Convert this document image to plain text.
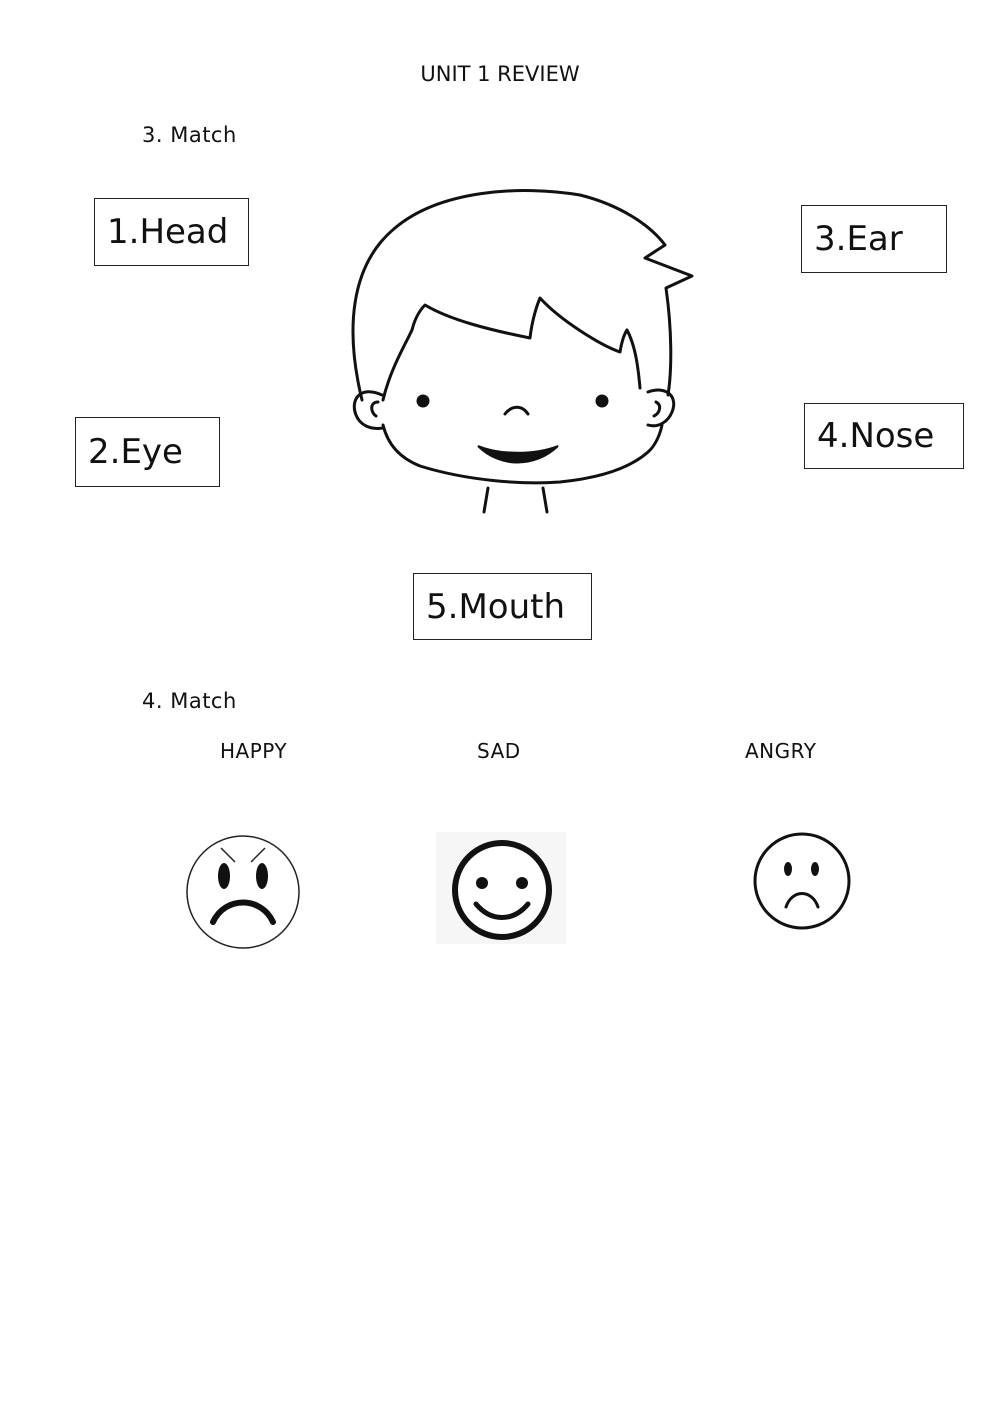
UNIT 1 REVIEW
3. Match
1.Head
2.Eye
3.Ear
4.Nose
5.Mouth
4. Match
HAPPY	SAD	ANGRY
